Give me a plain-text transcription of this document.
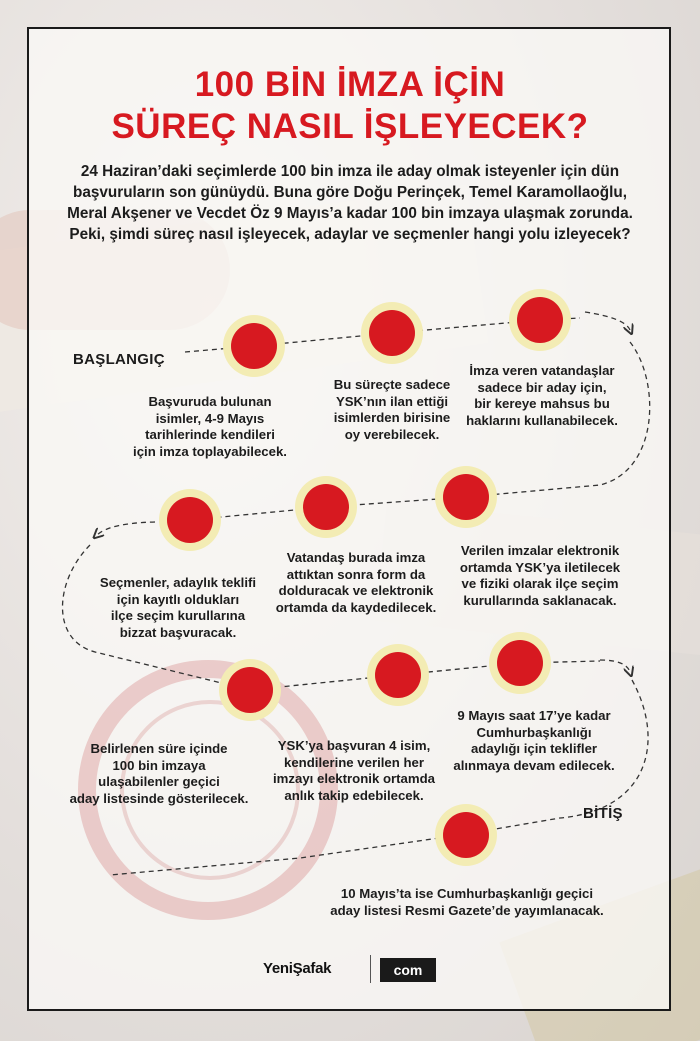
100 BİN İMZA İÇİN
SÜREÇ NASIL İŞLEYECEK?
24 Haziran’daki seçimlerde 100 bin imza ile aday olmak isteyenler için dün
başvuruların son günüydü. Buna göre Doğu Perinçek, Temel Karamollaoğlu,
Meral Akşener ve Vecdet Öz 9 Mayıs’a kadar 100 bin imzaya ulaşmak zorunda.
Peki, şimdi süreç nasıl işleyecek, adaylar ve seçmenler hangi yolu izleyecek?
BAŞLANGIÇ
BİTİŞ
Başvuruda bulunan
isimler, 4-9 Mayıs
tarihlerinde kendileri
için imza toplayabilecek.
Bu süreçte sadece
YSK’nın ilan ettiği
isimlerden birisine
oy verebilecek.
İmza veren vatandaşlar
sadece bir aday için,
bir kereye mahsus bu
haklarını kullanabilecek.
Verilen imzalar elektronik
ortamda YSK’ya iletilecek
ve fiziki olarak ilçe seçim
kurullarında saklanacak.
Vatandaş burada imza
attıktan sonra form da
dolduracak ve elektronik
ortamda da kaydedilecek.
Seçmenler, adaylık teklifi
için kayıtlı oldukları
ilçe seçim kurullarına
bizzat başvuracak.
9 Mayıs saat 17’ye kadar
Cumhurbaşkanlığı
adaylığı için teklifler
alınmaya devam edilecek.
YSK’ya başvuran 4 isim,
kendilerine verilen her
imzayı elektronik ortamda
anlık takip edebilecek.
Belirlenen süre içinde
100 bin imzaya
ulaşabilenler geçici
aday listesinde gösterilecek.
10 Mayıs’ta ise Cumhurbaşkanlığı geçici
aday listesi Resmi Gazete’de yayımlanacak.
YeniŞafak	com
